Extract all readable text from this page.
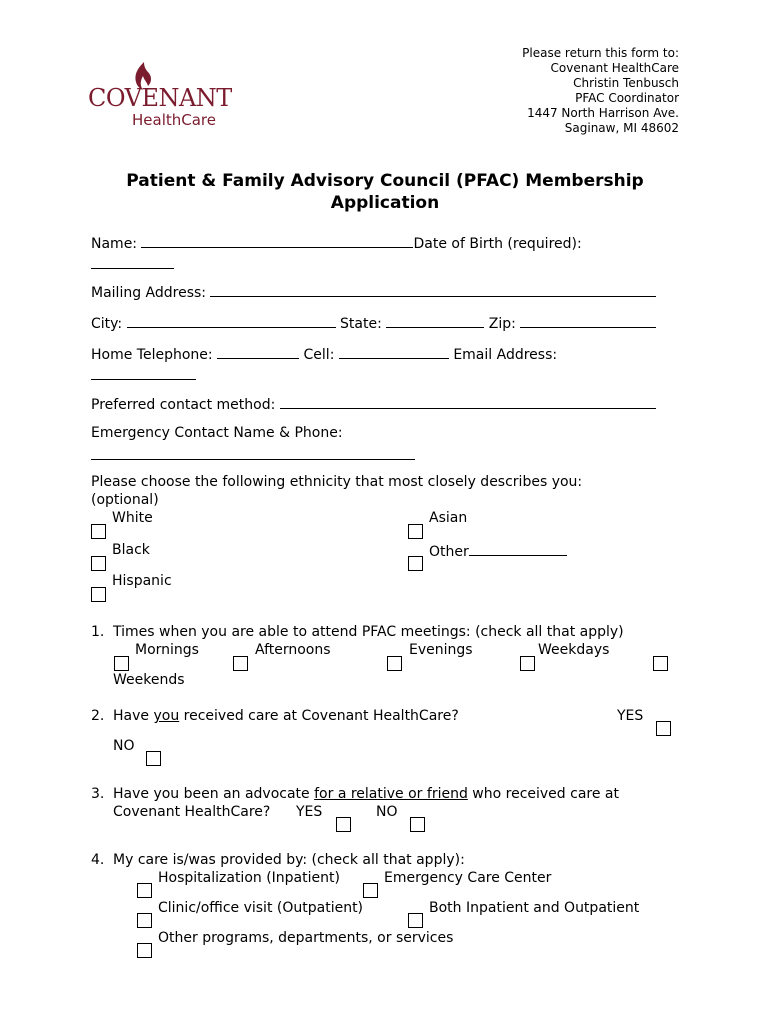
COVENANT
HealthCare
Please return this form to:
Covenant HealthCare
Christin Tenbusch
PFAC Coordinator
1447 North Harrison Ave.
Saginaw, MI 48602
Patient & Family Advisory Council (PFAC) Membership
Application
Name:	Date of Birth (required):
Mailing Address:
City:	State:	Zip:
Home Telephone:	Cell:	Email Address:
Preferred contact method:
Emergency Contact Name & Phone:
Please choose the following ethnicity that most closely describes you:
(optional)
White	Asian
Black	Other
Hispanic
1. Times when you are able to attend PFAC meetings: (check all that apply)
Mornings	Afternoons	Evenings	Weekdays
Weekends
2. Have you received care at Covenant HealthCare?	YES
NO
3. Have you been an advocate for a relative or friend who received care at
Covenant HealthCare? YES	NO
4. My care is/was provided by: (check all that apply):
Hospitalization (Inpatient)	Emergency Care Center
Clinic/office visit (Outpatient)	Both Inpatient and Outpatient
Other programs, departments, or services
